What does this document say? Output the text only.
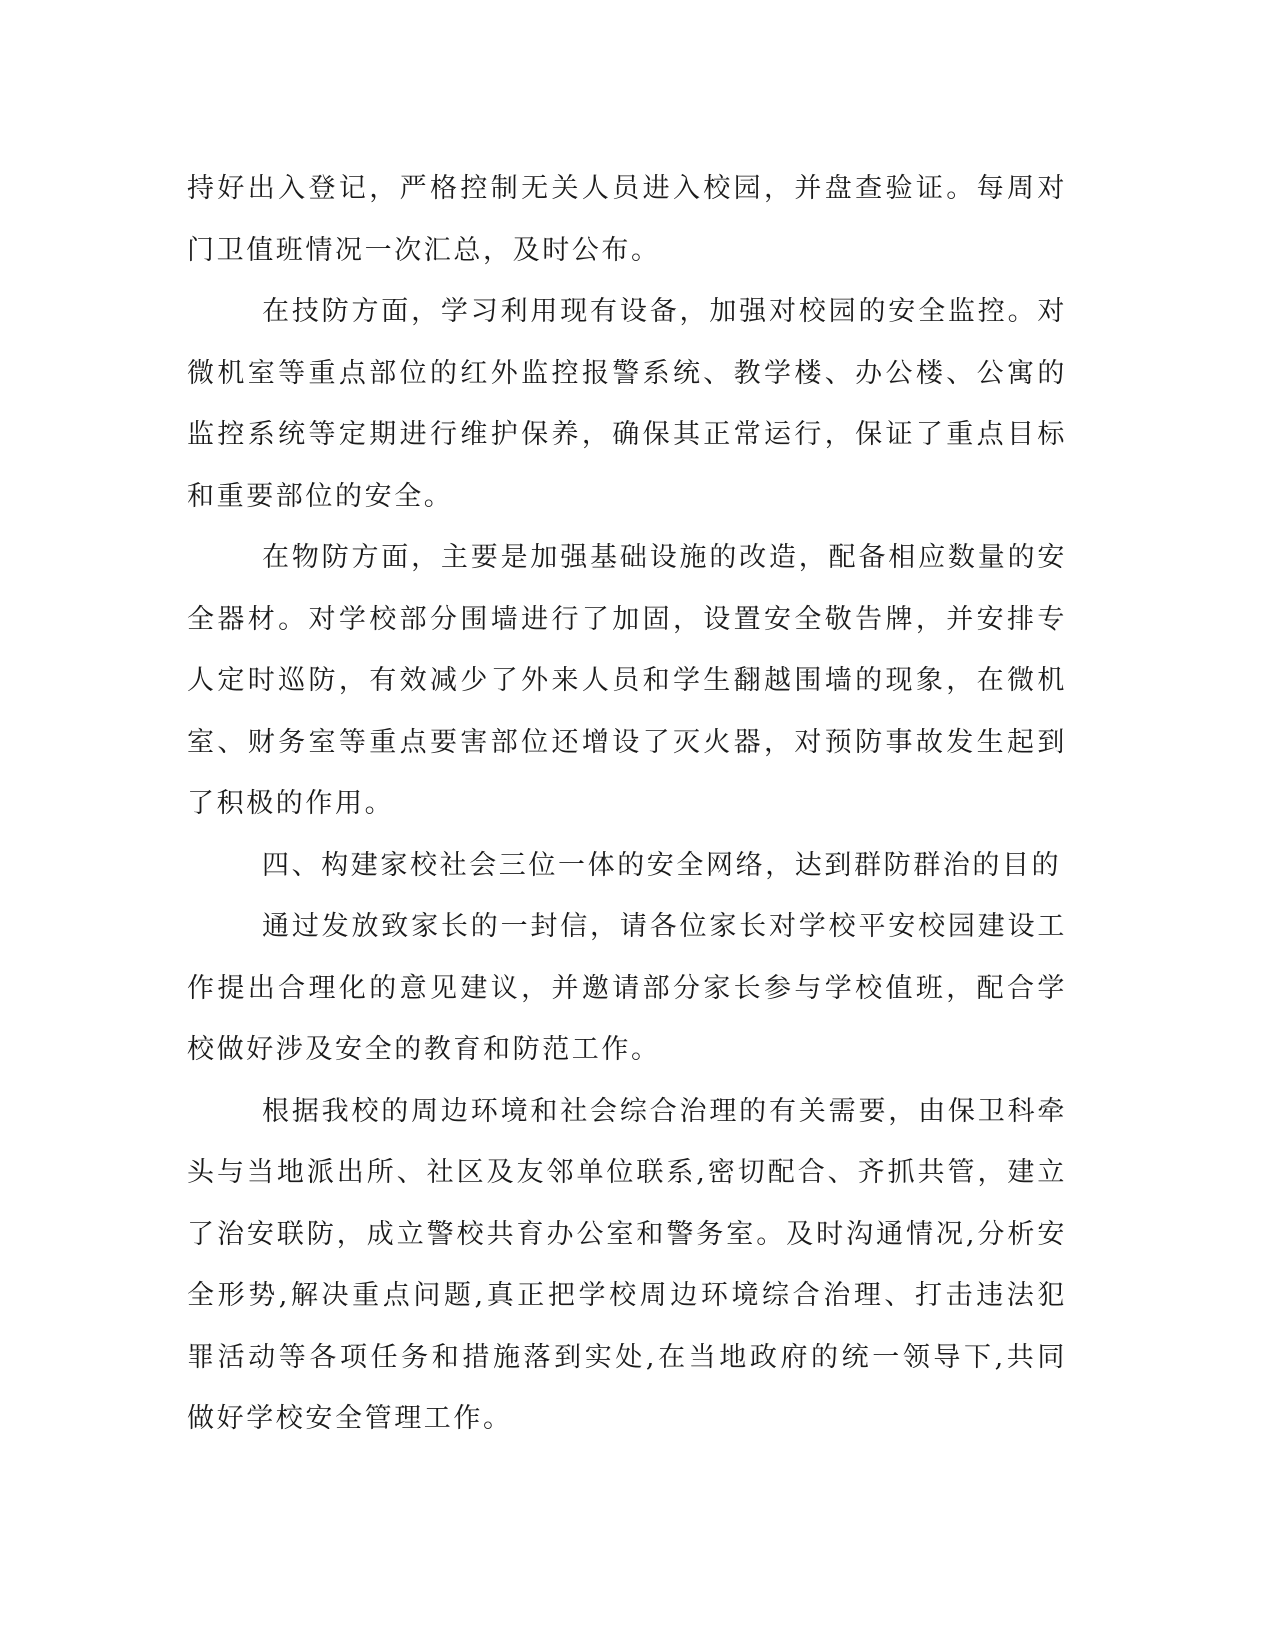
持好出入登记，严格控制无关人员进入校园，并盘查验证。每周对门卫值班情况一次汇总，及时公布。

在技防方面，学习利用现有设备，加强对校园的安全监控。对微机室等重点部位的红外监控报警系统、教学楼、办公楼、公寓的监控系统等定期进行维护保养，确保其正常运行，保证了重点目标和重要部位的安全。

在物防方面，主要是加强基础设施的改造，配备相应数量的安全器材。对学校部分围墙进行了加固，设置安全敬告牌，并安排专人定时巡防，有效减少了外来人员和学生翻越围墙的现象，在微机室、财务室等重点要害部位还增设了灭火器，对预防事故发生起到了积极的作用。

四、构建家校社会三位一体的安全网络，达到群防群治的目的

通过发放致家长的一封信，请各位家长对学校平安校园建设工作提出合理化的意见建议，并邀请部分家长参与学校值班，配合学校做好涉及安全的教育和防范工作。

根据我校的周边环境和社会综合治理的有关需要，由保卫科牵头与当地派出所、社区及友邻单位联系,密切配合、齐抓共管，建立了治安联防，成立警校共育办公室和警务室。及时沟通情况,分析安全形势,解决重点问题,真正把学校周边环境综合治理、打击违法犯罪活动等各项任务和措施落到实处,在当地政府的统一领导下,共同做好学校安全管理工作。
